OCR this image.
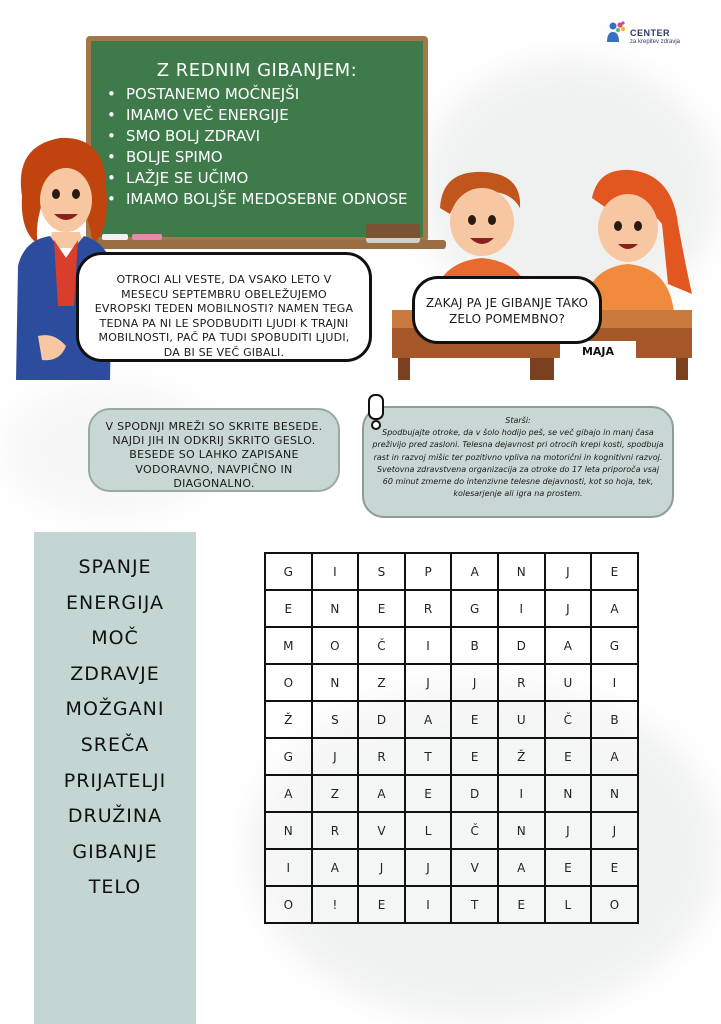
CENTER
za krepitev zdravja
Z REDNIM GIBANJEM:
• POSTANEMO MOČNEJŠI
• IMAMO VEČ ENERGIJE
• SMO BOLJ ZDRAVI
• BOLJE SPIMO
• LAŽJE SE UČIMO
• IMAMO BOLJŠE MEDOSEBNE ODNOSE
MAJA
OTROCI ALI VESTE, DA VSAKO LETO V MESECU SEPTEMBRU OBELEŽUJEMO EVROPSKI TEDEN MOBILNOSTI? NAMEN TEGA TEDNA PA NI LE SPODBUDITI LJUDI K TRAJNI MOBILNOSTI, PAČ PA TUDI SPOBUDITI LJUDI, DA BI SE VEČ GIBALI.
ZAKAJ PA JE GIBANJE TAKO ZELO POMEMBNO?
V SPODNJI MREŽI SO SKRITE BESEDE. NAJDI JIH IN ODKRIJ SKRITO GESLO. BESEDE SO LAHKO ZAPISANE VODORAVNO, NAVPIČNO IN DIAGONALNO.
Starši:
Spodbujajte otroke, da v šolo hodijo peš, se več gibajo in manj časa preživijo pred zasloni. Telesna dejavnost pri otrocih krepi kosti, spodbuja rast in razvoj mišic ter pozitivno vpliva na motorični in kognitivni razvoj. Svetovna zdravstvena organizacija za otroke do 17 leta priporoča vsaj 60 minut zmerne do intenzivne telesne dejavnosti, kot so hoja, tek, kolesarjenje ali igra na prostem.
SPANJE
ENERGIJA
MOČ
ZDRAVJE
MOŽGANI
SREČA
PRIJATELJI
DRUŽINA
GIBANJE
TELO
G	I	S	P	A	N	J	E
E	N	E	R	G	I	J	A
M	O	Č	I	B	D	A	G
O	N	Z	J	J	R	U	I
Ž	S	D	A	E	U	Č	B
G	J	R	T	E	Ž	E	A
A	Z	A	E	D	I	N	N
N	R	V	L	Č	N	J	J
I	A	J	J	V	A	E	E
O	!	E	I	T	E	L	O
